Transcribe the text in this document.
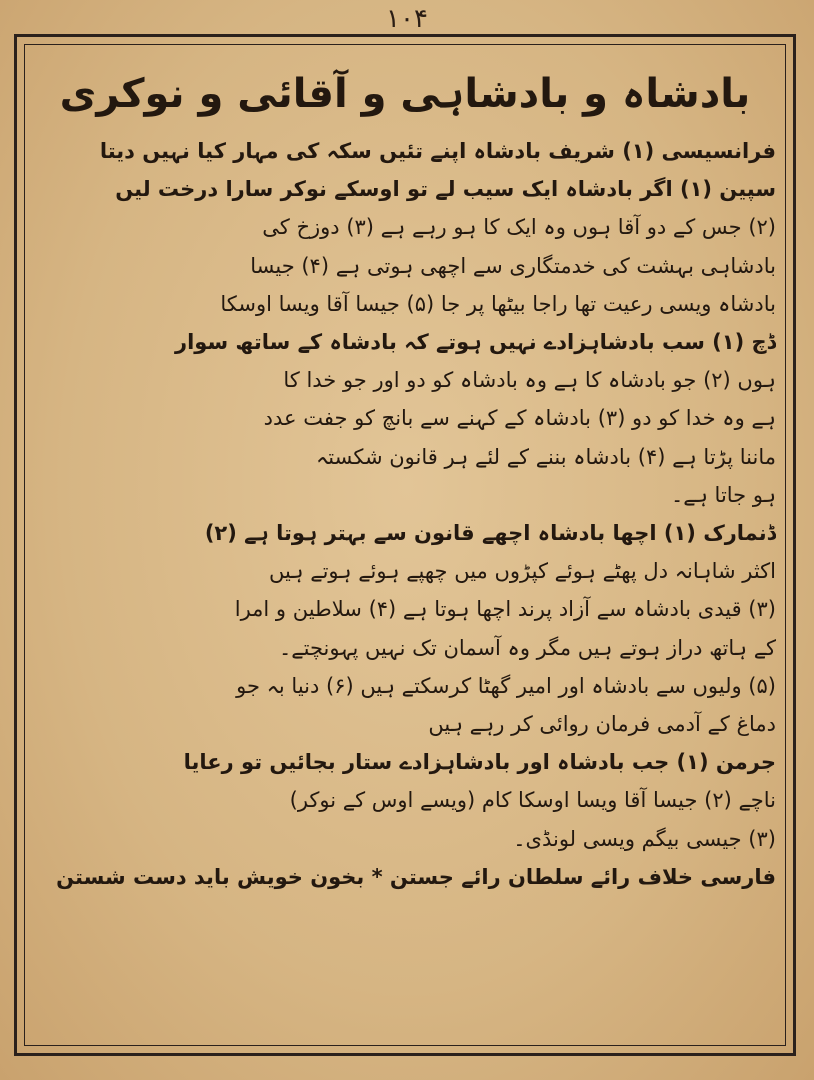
۱۰۴
بادشاہ و بادشاہی و آقائی و نوکری
فرانسیسی (۱) شریف بادشاہ اپنے تئیں سکہ کی مہار کیا نہیں دیتا
سپین (۱) اگر بادشاہ ایک سیب لے تو اوسکے نوکر سارا درخت لیں
(۲) جس کے دو آقا ہوں وہ ایک کا ہو رہے ہے (۳) دوزخ کی
بادشاہی بہشت کی خدمتگاری سے اچھی ہوتی ہے (۴) جیسا
بادشاہ ویسی رعیت تھا راجا بیٹھا پر جا (۵) جیسا آقا ویسا اوسکا
ڈچ (۱) سب بادشاہزادے نہیں ہوتے کہ بادشاہ کے ساتھ سوار
ہوں (۲) جو بادشاہ کا ہے وہ بادشاہ کو دو اور جو خدا کا
ہے وہ خدا کو دو (۳) بادشاہ کے کہنے سے بانچ کو جفت عدد
ماننا پڑتا ہے (۴) بادشاہ بننے کے لئے ہر قانون شکستہ
ہو جاتا ہے۔
ڈنمارک (۱) اچھا بادشاہ اچھے قانون سے بہتر ہوتا ہے (۲)
اکثر شاہانہ دل پھٹے ہوئے کپڑوں میں چھپے ہوئے ہوتے ہیں
(۳) قیدی بادشاہ سے آزاد پرند اچھا ہوتا ہے (۴) سلاطین و امرا
کے ہاتھ دراز ہوتے ہیں مگر وہ آسمان تک نہیں پہونچتے۔
(۵) ولیوں سے بادشاہ اور امیر گھٹا کرسکتے ہیں (۶) دنیا بہ جو
دماغ کے آدمی فرمان روائی کر رہے ہیں
جرمن (۱) جب بادشاہ اور بادشاہزادے ستار بجائیں تو رعایا
ناچے (۲) جیسا آقا ویسا اوسکا کام (ویسے اوس کے نوکر)
(۳) جیسی بیگم ویسی لونڈی۔
فارسی خلاف رائے سلطان رائے جستن * بخون خویش باید دست شستن
